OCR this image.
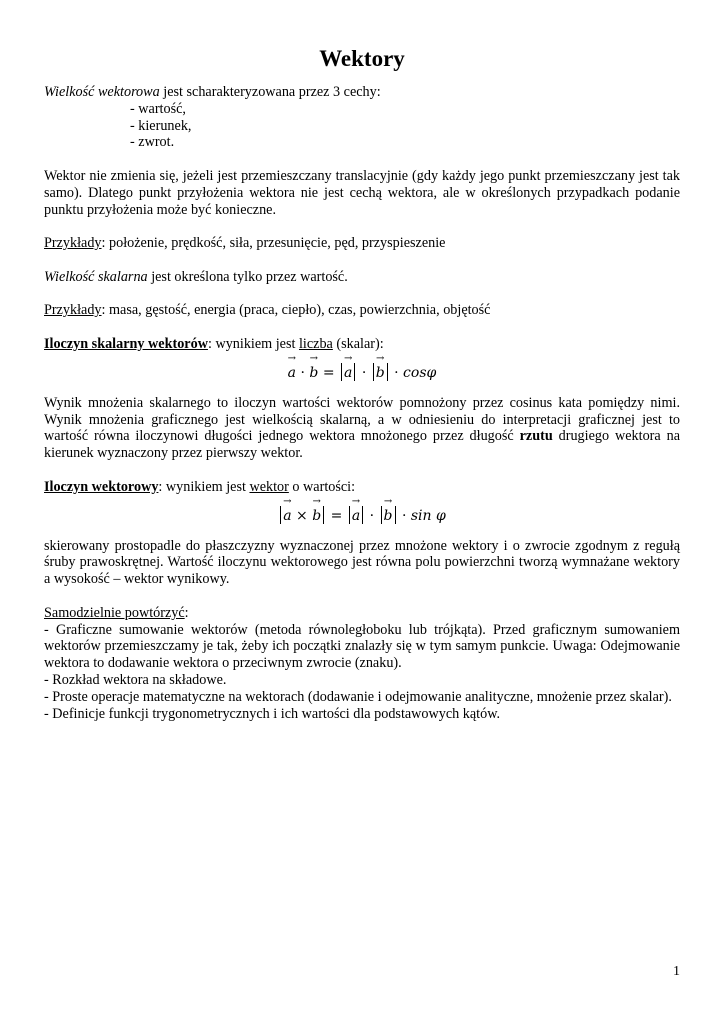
Wektory

Wielkość wektorowa jest scharakteryzowana przez 3 cechy:

- wartość,

- kierunek,

- zwrot.

Wektor nie zmienia się, jeżeli jest przemieszczany translacyjnie (gdy każdy jego punkt przemieszczany jest tak samo). Dlatego punkt przyłożenia wektora nie jest cechą wektora, ale w określonych przypadkach podanie punktu przyłożenia może być konieczne.

Przykłady: położenie, prędkość, siła, przesunięcie, pęd, przyspieszenie

Wielkość skalarna jest określona tylko przez wartość.

Przykłady: masa, gęstość, energia (praca, ciepło), czas, powierzchnia, objętość

Iloczyn skalarny wektorów: wynikiem jest liczba (skalar):

→ a · → b = → a · → b · cosφ

Wynik mnożenia skalarnego to iloczyn wartości wektorów pomnożony przez cosinus kata pomiędzy nimi. Wynik mnożenia graficznego jest wielkością skalarną, a w odniesieniu do interpretacji graficznej jest to wartość równa iloczynowi długości jednego wektora mnożonego przez długość rzutu drugiego wektora na kierunek wyznaczony przez pierwszy wektor.

Iloczyn wektorowy: wynikiem jest wektor o wartości:

→ a × → b = → a · → b · sin φ

skierowany prostopadle do płaszczyzny wyznaczonej przez mnożone wektory i o zwrocie zgodnym z regułą śruby prawoskrętnej. Wartość iloczynu wektorowego jest równa polu powierzchni tworzą wymnażane wektory a wysokość – wektor wynikowy.

Samodzielnie powtórzyć:

- Graficzne sumowanie wektorów (metoda równoległoboku lub trójkąta). Przed graficznym sumowaniem wektorów przemieszczamy je tak, żeby ich początki znalazły się w tym samym punkcie. Uwaga: Odejmowanie wektora to dodawanie wektora o przeciwnym zwrocie (znaku).

- Rozkład wektora na składowe.

- Proste operacje matematyczne na wektorach (dodawanie i odejmowanie analityczne, mnożenie przez skalar).

- Definicje funkcji trygonometrycznych i ich wartości dla podstawowych kątów.

1
